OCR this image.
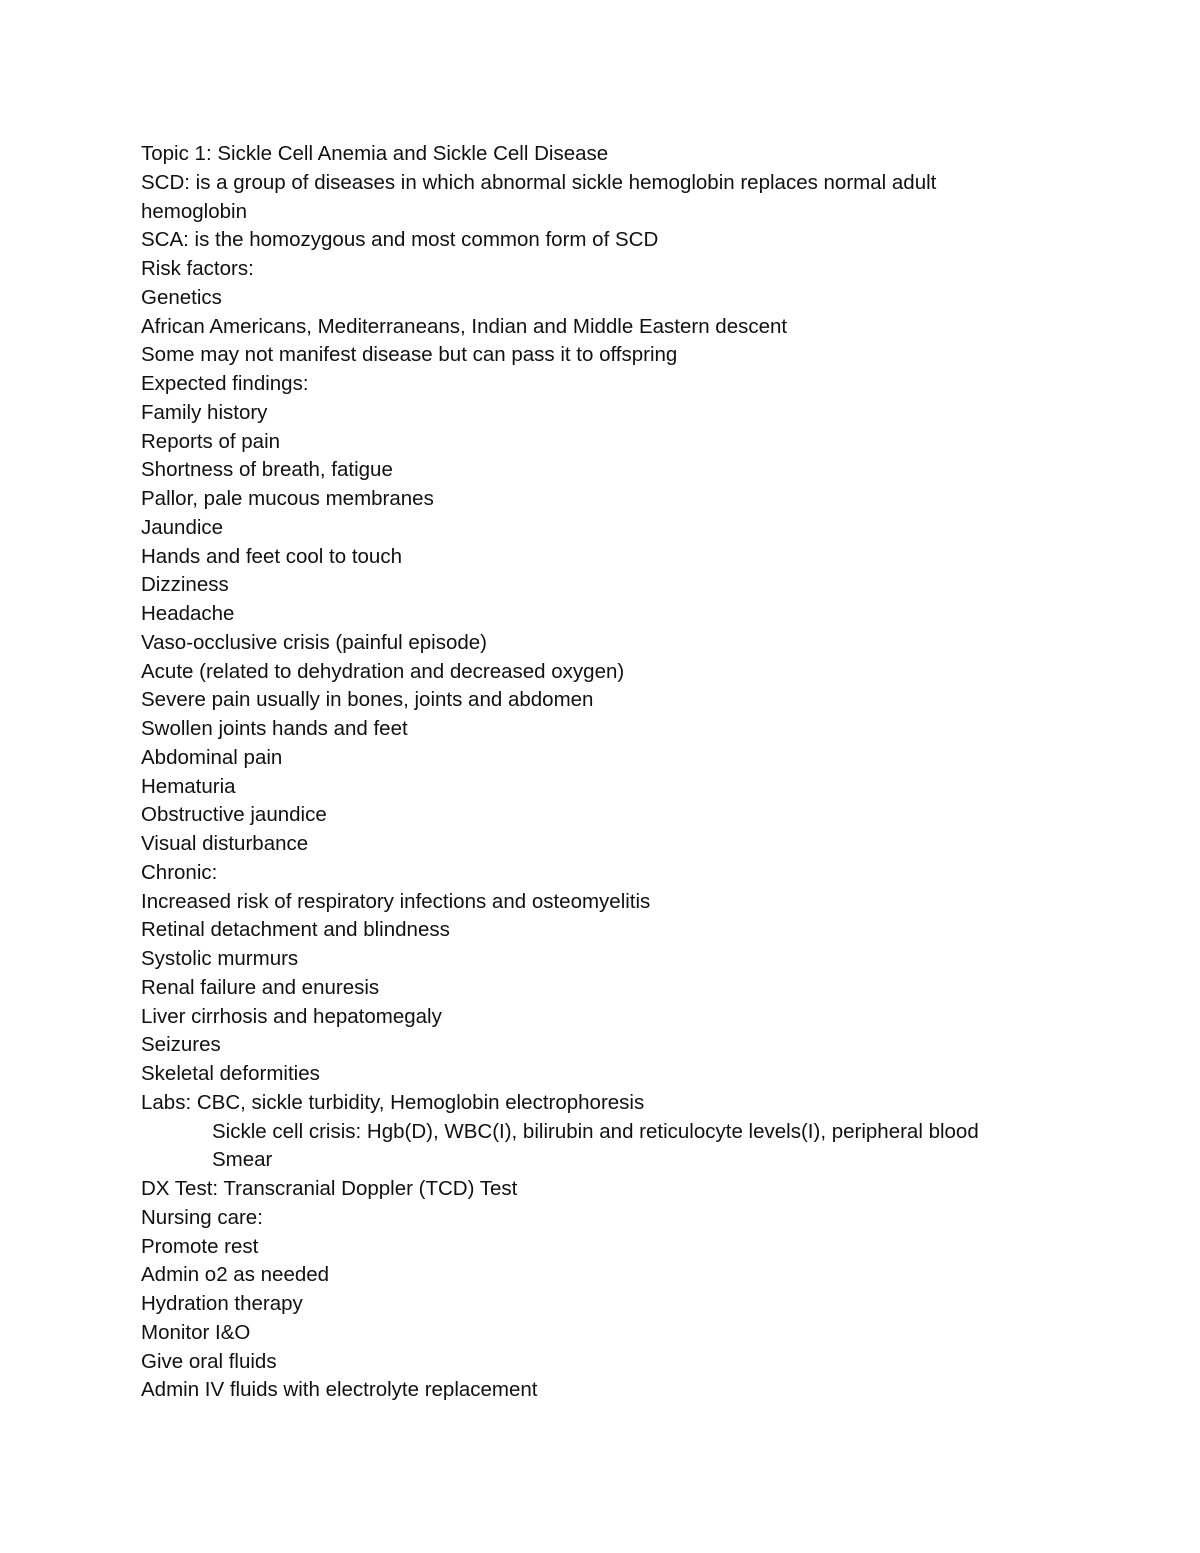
Topic 1: Sickle Cell Anemia and Sickle Cell Disease

SCD: is a group of diseases in which abnormal sickle hemoglobin replaces normal adult

hemoglobin

SCA: is the homozygous and most common form of SCD

Risk factors:

Genetics

African Americans, Mediterraneans, Indian and Middle Eastern descent

Some may not manifest disease but can pass it to offspring

Expected findings:

Family history

Reports of pain

Shortness of breath, fatigue

Pallor, pale mucous membranes

Jaundice

Hands and feet cool to touch

Dizziness

Headache

Vaso-occlusive crisis (painful episode)

Acute (related to dehydration and decreased oxygen)

Severe pain usually in bones, joints and abdomen

Swollen joints hands and feet

Abdominal pain

Hematuria

Obstructive jaundice

Visual disturbance

Chronic:

Increased risk of respiratory infections and osteomyelitis

Retinal detachment and blindness

Systolic murmurs

Renal failure and enuresis

Liver cirrhosis and hepatomegaly

Seizures

Skeletal deformities

Labs: CBC, sickle turbidity, Hemoglobin electrophoresis

Sickle cell crisis: Hgb(D), WBC(I), bilirubin and reticulocyte levels(I), peripheral blood

Smear

DX Test: Transcranial Doppler (TCD) Test

Nursing care:

Promote rest

Admin o2 as needed

Hydration therapy

Monitor I&O

Give oral fluids

Admin IV fluids with electrolyte replacement
